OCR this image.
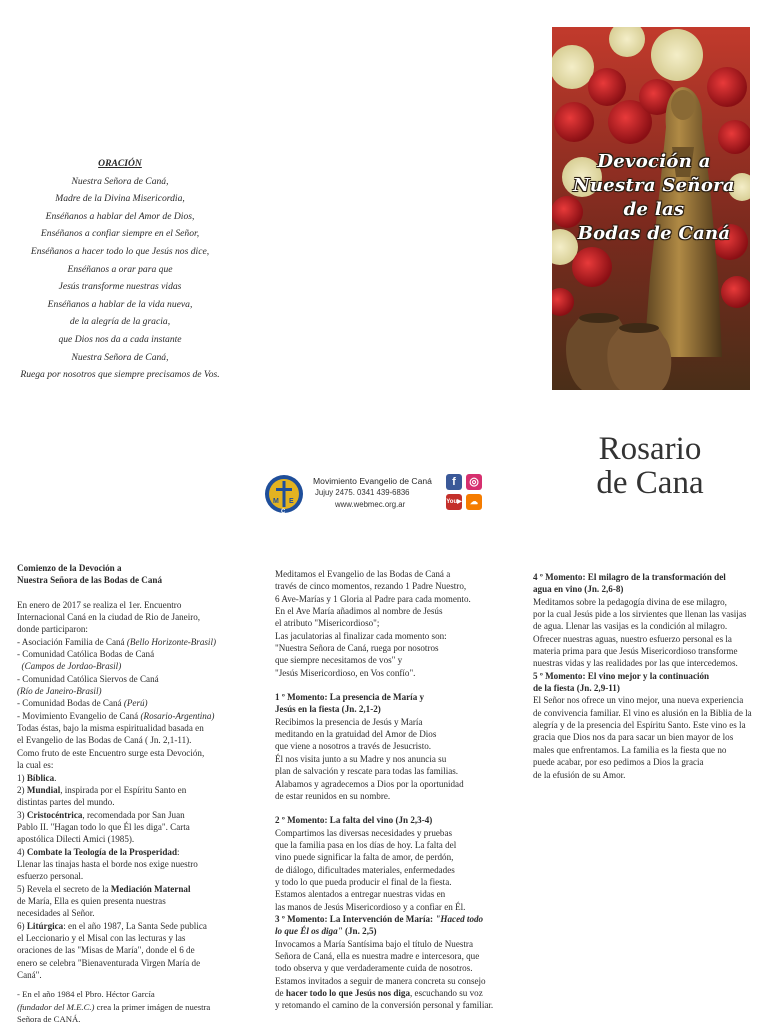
ORACIÓN
Nuestra Señora de Caná,
Madre de la Divina Misericordia,
Enséñanos a hablar del Amor de Dios,
Enséñanos a confiar siempre en el Señor,
Enséñanos a hacer todo lo que Jesús nos dice,
Enséñanos a orar para que
Jesús transforme nuestras vidas
Enséñanos a hablar de la vida nueva,
de la alegría de la gracia,
que Dios nos da a cada instante
Nuestra Señora de Caná,
Ruega por nosotros que siempre precisamos de Vos.
Devoción a
Nuestra Señora
de las
Bodas de Caná
Rosario
de Cana
M E
C
Movimiento Evangelio de Caná
Jujuy 2475. 0341 439-6836
www.webmec.org.ar
f	◎
You▶	☁
Comienzo de la Devoción a
Nuestra Señora de las Bodas de Caná
En enero de 2017 se realiza el 1er. Encuentro
Internacional Caná en la ciudad de Rio de Janeiro,
donde participaron:
- Asociación Familia de Caná (Bello Horizonte-Brasil)
- Comunidad Católica Bodas de Caná
(Campos de Jordao-Brasil)
- Comunidad Católica Siervos de Caná
(Río de Janeiro-Brasil)
- Comunidad Bodas de Caná (Perú)
- Movimiento Evangelio de Caná (Rosario-Argentina)
Todas éstas, bajo la misma espiritualidad basada en
el Evangelio de las Bodas de Caná ( Jn. 2,1-11).
Como fruto de este Encuentro surge esta Devoción,
la cual es:
1) Bíblica.
2) Mundial, inspirada por el Espíritu Santo en
distintas partes del mundo.
3) Cristocéntrica, recomendada por San Juan
Pablo II. "Hagan todo lo que Él les diga". Carta
apostólica Dilecti Amici (1985).
4) Combate la Teología de la Prosperidad:
Llenar las tinajas hasta el borde nos exige nuestro
esfuerzo personal.
5) Revela el secreto de la Mediación Maternal
de María, Ella es quien presenta nuestras
necesidades al Señor.
6) Litúrgica: en el año 1987, La Santa Sede publica
el Leccionario y el Misal con las lecturas y las
oraciones de las "Misas de María", donde el 6 de
enero se celebra "Bienaventurada Virgen María de
Caná".
- En el año 1984 el Pbro. Héctor García
(fundador del M.E.C.) crea la primer imágen de nuestra
Señora de CANÁ.
Meditamos el Evangelio de las Bodas de Caná a
través de cinco momentos, rezando 1 Padre Nuestro,
6 Ave-Marías y 1 Gloria al Padre para cada momento.
En el Ave María añadimos al nombre de Jesús
el atributo "Misericordioso";
Las jaculatorias al finalizar cada momento son:
"Nuestra Señora de Caná, ruega por nosotros
que siempre necesitamos de vos" y
"Jesús Misericordioso, en Vos confío".
1 º Momento: La presencia de María y
Jesús en la fiesta (Jn. 2,1-2)
Recibimos la presencia de Jesús y María
meditando en la gratuidad del Amor de Dios
que viene a nosotros a través de Jesucristo.
Él nos visita junto a su Madre y nos anuncia su
plan de salvación y rescate para todas las familias.
Alabamos y agradecemos a Dios por la oportunidad
de estar reunidos en su nombre.
2 º Momento: La falta del vino (Jn 2,3-4)
Compartimos las diversas necesidades y pruebas
que la familia pasa en los días de hoy. La falta del
vino puede significar la falta de amor, de perdón,
de diálogo, dificultades materiales, enfermedades
y todo lo que pueda producir el final de la fiesta.
Estamos alentados a entregar nuestras vidas en
las manos de Jesús Misericordioso y a confiar en Él.
3 º Momento: La Intervención de María: "Haced todo
lo que Él os diga" (Jn. 2,5)
Invocamos a María Santísima bajo el título de Nuestra
Señora de Caná, ella es nuestra madre e intercesora, que
todo observa y que verdaderamente cuida de nosotros.
Estamos invitados a seguir de manera concreta su consejo
de hacer todo lo que Jesús nos diga, escuchando su voz
y retomando el camino de la conversión personal y familiar.
4 º Momento: El milagro de la transformación del
agua en vino (Jn. 2,6-8)
Meditamos sobre la pedagogía divina de ese milagro,
por la cual Jesús pide a los sirvientes que llenan las vasijas
de agua. Llenar las vasijas es la condición al milagro.
Ofrecer nuestras aguas, nuestro esfuerzo personal es la
materia prima para que Jesús Misericordioso transforme
nuestras vidas y las realidades por las que intercedemos.
5 º Momento: El vino mejor y la continuación
de la fiesta (Jn. 2,9-11)
El Señor nos ofrece un vino mejor, una nueva experiencia
de convivencia familiar. El vino es alusión en la Biblia de la
alegría y de la presencia del Espíritu Santo. Este vino es la
gracia que Dios nos da para sacar un bien mayor de los
males que enfrentamos. La familia es la fiesta que no
puede acabar, por eso pedimos a Dios la gracia
de la efusión de su Amor.
